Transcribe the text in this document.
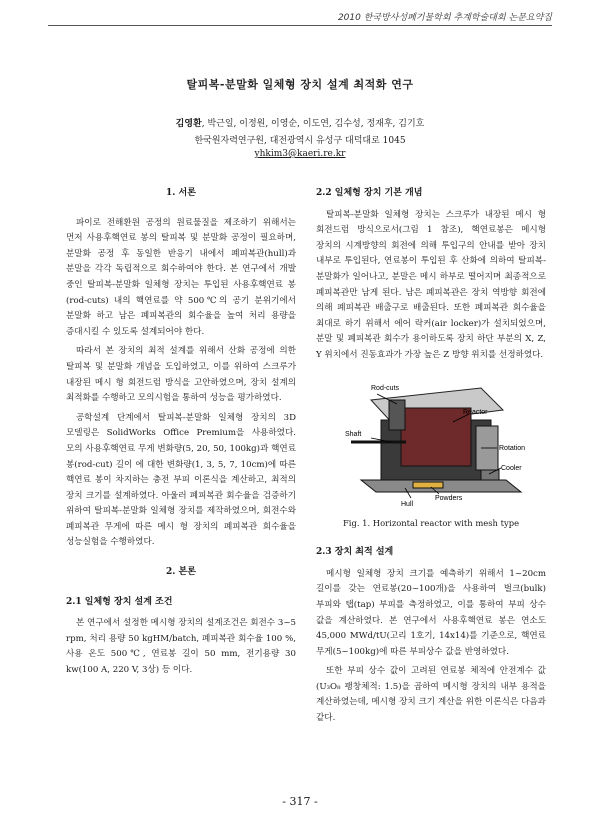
2010 한국방사성폐기물학회 추계학술대회 논문요약집
탈피복-분말화 일체형 장치 설계 최적화 연구
김영환, 박근일, 이정원, 이영순, 이도연, 김수성, 정재후, 김기호
한국원자력연구원, 대전광역시 유성구 대덕대로 1045
yhkim3@kaeri.re.kr
1. 서론

파이로 전해환원 공정의 원료물질을 제조하기 위해서는 먼저 사용후핵연료 봉의 탈피복 및 분말화 공정이 필요하며, 분말화 공정 후 동일한 반응기 내에서 폐피복관(hull)과 분말을 각각 독립적으로 회수하여야 한다. 본 연구에서 개발 중인 탈피복-분말화 일체형 장치는 투입된 사용후핵연료 봉(rod-cuts) 내의 핵연료를 약 500℃의 공기 분위기에서 분말화 하고 남은 폐피복관의 회수율을 높여 처리 용량을 증대시킬 수 있도록 설계되어야 한다.

따라서 본 장치의 최적 설계를 위해서 산화 공정에 의한 탈피복 및 분말화 개념을 도입하였고, 이를 위하여 스크루가 내장된 메시 형 회전드럼 방식을 고안하였으며, 장치 설계의 최적화를 수행하고 모의시험을 통하여 성능을 평가하였다.

공학설계 단계에서 탈피복-분말화 일체형 장치의 3D 모델링은 SolidWorks Office Premium을 사용하였다. 모의 사용후핵연료 무게 변화량(5, 20, 50, 100kg)과 핵연료 봉(rod-cut) 길이 에 대한 변화량(1, 3, 5, 7, 10cm)에 따른 핵연료 봉이 차지하는 충전 부피 이론식을 계산하고, 최적의 장치 크기를 설계하였다. 아울러 폐피복관 회수율을 검증하기 위하여 탈피복-분말화 일체형 장치를 제작하였으며, 회전수와 폐피복관 무게에 따른 메시 형 장치의 폐피복관 회수율을 성능실험을 수행하였다.

2. 본론
2.1 일체형 장치 설계 조건

본 연구에서 설정한 메시형 장치의 설계조건은 회전수 3~5 rpm, 처리 용량 50 kgHM/batch, 폐피복관 회수율 100 %, 사용 온도 500℃, 연료봉 길이 50 mm, 전기용량 30 kw(100 A, 220 V, 3상) 등 이다.

2.2 일체형 장치 기본 개념

탈피복-분말화 일체형 장치는 스크루가 내장된 메시 형 회전드럼 방식으로서(그림 1 참조), 핵연료봉은 메시형 장치의 시계방향의 회전에 의해 투입구의 안내를 받아 장치 내부로 투입된다, 연료봉이 투입된 후 산화에 의하여 탈피복-분말화가 일어나고, 분말은 메시 하부로 떨어지며 최종적으로 폐피복관만 남게 된다. 남은 폐피복관은 장치 역방향 회전에 의해 폐피복관 배출구로 배출된다. 또한 폐피복관 회수율을 최대로 하기 위해서 에어 락커(air locker)가 설치되었으며, 분말 및 폐피복관 회수가 용이하도록 장치 하단 부분의 X, Z, Y 위치에서 진동효과가 가장 높은 Z 방향 위치를 선정하였다.

Rod-cuts
Reactor
Shaft
Rotation
Cooler
Powders
Hull
Fig. 1. Horizontal reactor with mesh type
2.3 장치 최적 설계

메시형 일체형 장치 크기를 예측하기 위해서 1~20cm 길이를 갖는 연료봉(20~100개)을 사용하여 벌크(bulk) 부피와 탭(tap) 부피를 측정하였고, 이를 통하여 부피 상수 값을 계산하였다. 본 연구에서 사용후핵연료 봉은 연소도 45,000 MWd/tU(고리 1호기, 14x14)를 기준으로, 핵연료 무게(5~100kg)에 따른 부피상수 값을 반영하였다.

또한 부피 상수 값이 고려된 연료봉 체적에 안전계수 값(U₃O₈ 팽창체적: 1.5)을 곱하여 메시형 장치의 내부 용적을 계산하였는데, 메시형 장치 크기 계산을 위한 이론식은 다음과 같다.

- 317 -
